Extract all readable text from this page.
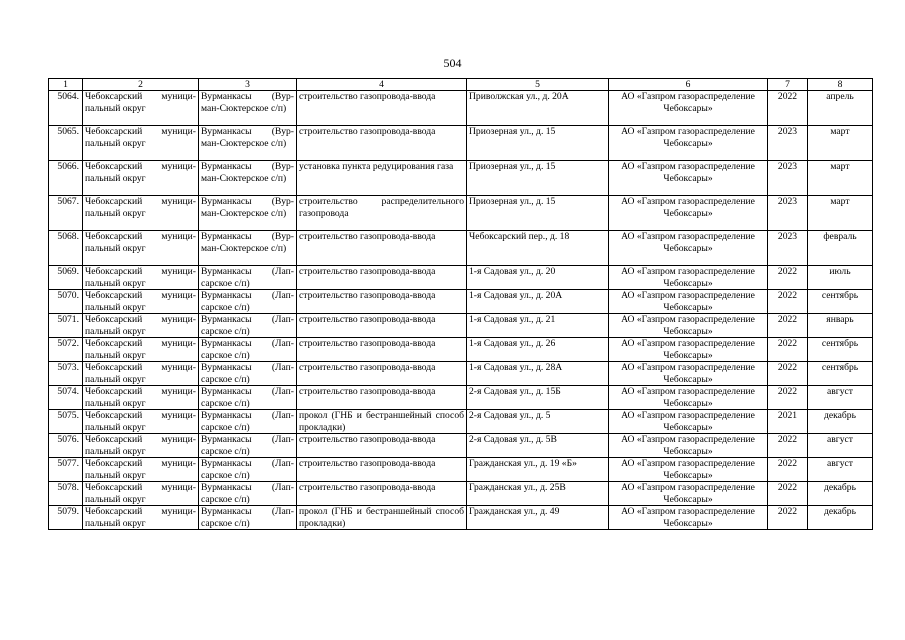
504
1	2	3	4	5	6	7	8
5064.	Чебоксарский муници-пальный округ	Вурманкасы (Вур-ман-Сюктерское с/п)	строительство газопровода-ввода	Приволжская ул., д. 20А	АО «Газпром газораспределение Чебоксары»	2022	апрель
5065.	Чебоксарский муници-пальный округ	Вурманкасы (Вур-ман-Сюктерское с/п)	строительство газопровода-ввода	Приозерная ул., д. 15	АО «Газпром газораспределение Чебоксары»	2023	март
5066.	Чебоксарский муници-пальный округ	Вурманкасы (Вур-ман-Сюктерское с/п)	установка пункта редуцирования газа	Приозерная ул., д. 15	АО «Газпром газораспределение Чебоксары»	2023	март
5067.	Чебоксарский муници-пальный округ	Вурманкасы (Вур-ман-Сюктерское с/п)	строительство распределительного газопровода	Приозерная ул., д. 15	АО «Газпром газораспределение Чебоксары»	2023	март
5068.	Чебоксарский муници-пальный округ	Вурманкасы (Вур-ман-Сюктерское с/п)	строительство газопровода-ввода	Чебоксарский пер., д. 18	АО «Газпром газораспределение Чебоксары»	2023	февраль
5069.	Чебоксарский муници-пальный округ	Вурманкасы (Лап-сарское с/п)	строительство газопровода-ввода	1-я Садовая ул., д. 20	АО «Газпром газораспределение Чебоксары»	2022	июль
5070.	Чебоксарский муници-пальный округ	Вурманкасы (Лап-сарское с/п)	строительство газопровода-ввода	1-я Садовая ул., д. 20А	АО «Газпром газораспределение Чебоксары»	2022	сентябрь
5071.	Чебоксарский муници-пальный округ	Вурманкасы (Лап-сарское с/п)	строительство газопровода-ввода	1-я Садовая ул., д. 21	АО «Газпром газораспределение Чебоксары»	2022	январь
5072.	Чебоксарский муници-пальный округ	Вурманкасы (Лап-сарское с/п)	строительство газопровода-ввода	1-я Садовая ул., д. 26	АО «Газпром газораспределение Чебоксары»	2022	сентябрь
5073.	Чебоксарский муници-пальный округ	Вурманкасы (Лап-сарское с/п)	строительство газопровода-ввода	1-я Садовая ул., д. 28А	АО «Газпром газораспределение Чебоксары»	2022	сентябрь
5074.	Чебоксарский муници-пальный округ	Вурманкасы (Лап-сарское с/п)	строительство газопровода-ввода	2-я Садовая ул., д. 15Б	АО «Газпром газораспределение Чебоксары»	2022	август
5075.	Чебоксарский муници-пальный округ	Вурманкасы (Лап-сарское с/п)	прокол (ГНБ и бестраншейный способ прокладки)	2-я Садовая ул., д. 5	АО «Газпром газораспределение Чебоксары»	2021	декабрь
5076.	Чебоксарский муници-пальный округ	Вурманкасы (Лап-сарское с/п)	строительство газопровода-ввода	2-я Садовая ул., д. 5В	АО «Газпром газораспределение Чебоксары»	2022	август
5077.	Чебоксарский муници-пальный округ	Вурманкасы (Лап-сарское с/п)	строительство газопровода-ввода	Гражданская ул., д. 19 «Б»	АО «Газпром газораспределение Чебоксары»	2022	август
5078.	Чебоксарский муници-пальный округ	Вурманкасы (Лап-сарское с/п)	строительство газопровода-ввода	Гражданская ул., д. 25В	АО «Газпром газораспределение Чебоксары»	2022	декабрь
5079.	Чебоксарский муници-пальный округ	Вурманкасы (Лап-сарское с/п)	прокол (ГНБ и бестраншейный способ прокладки)	Гражданская ул., д. 49	АО «Газпром газораспределение Чебоксары»	2022	декабрь
